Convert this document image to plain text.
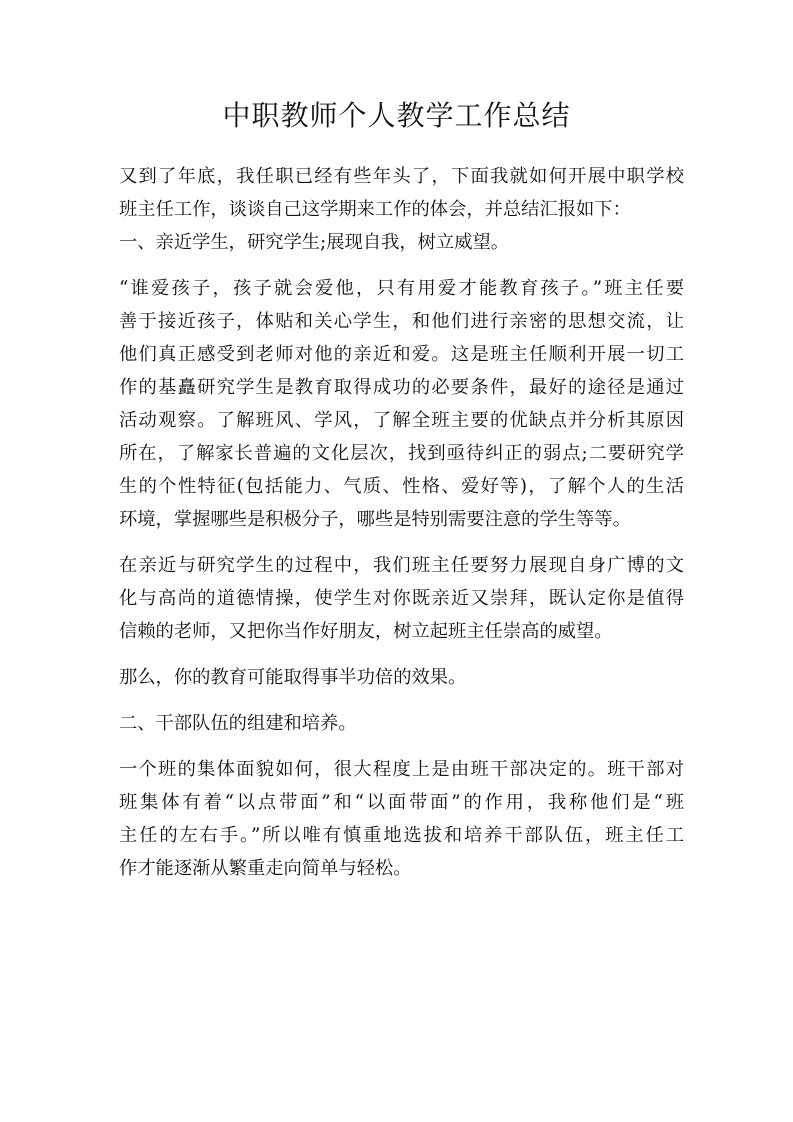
中职教师个人教学工作总结
又到了年底，我任职已经有些年头了，下面我就如何开展中职学校
班主任工作，谈谈自己这学期来工作的体会，并总结汇报如下：
一、亲近学生，研究学生;展现自我，树立威望。
“谁爱孩子，孩子就会爱他，只有用爱才能教育孩子。”班主任要
善于接近孩子，体贴和关心学生，和他们进行亲密的思想交流，让
他们真正感受到老师对他的亲近和爱。这是班主任顺利开展一切工
作的基矗研究学生是教育取得成功的必要条件，最好的途径是通过
活动观察。了解班风、学风，了解全班主要的优缺点并分析其原因
所在，了解家长普遍的文化层次，找到亟待纠正的弱点;二要研究学
生的个性特征(包括能力、气质、性格、爱好等)，了解个人的生活
环境，掌握哪些是积极分子，哪些是特别需要注意的学生等等。
在亲近与研究学生的过程中，我们班主任要努力展现自身广博的文
化与高尚的道德情操，使学生对你既亲近又崇拜，既认定你是值得
信赖的老师，又把你当作好朋友，树立起班主任崇高的威望。
那么，你的教育可能取得事半功倍的效果。
二、干部队伍的组建和培养。
一个班的集体面貌如何，很大程度上是由班干部决定的。班干部对
班集体有着“以点带面”和“以面带面”的作用，我称他们是“班
主任的左右手。”所以唯有慎重地选拔和培养干部队伍，班主任工
作才能逐渐从繁重走向简单与轻松。
